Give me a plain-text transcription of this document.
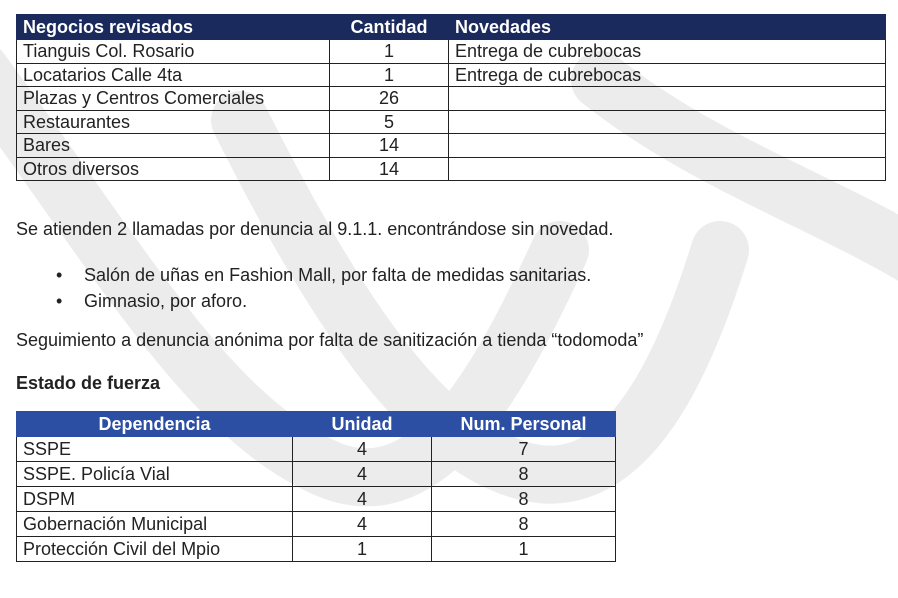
Negocios revisados	Cantidad	Novedades
Tianguis Col. Rosario	1	Entrega de cubrebocas
Locatarios Calle 4ta	1	Entrega de cubrebocas
Plazas y Centros Comerciales	26	
Restaurantes	5	
Bares	14	
Otros diversos	14	

Se atienden 2 llamadas por denuncia al 9.1.1. encontrándose sin novedad.

• Salón de uñas en Fashion Mall, por falta de medidas sanitarias.
• Gimnasio, por aforo.

Seguimiento a denuncia anónima por falta de sanitización a tienda “todomoda”

Estado de fuerza

Dependencia	Unidad	Num. Personal
SSPE	4	7
SSPE. Policía Vial	4	8
DSPM	4	8
Gobernación Municipal	4	8
Protección Civil del Mpio	1	1
